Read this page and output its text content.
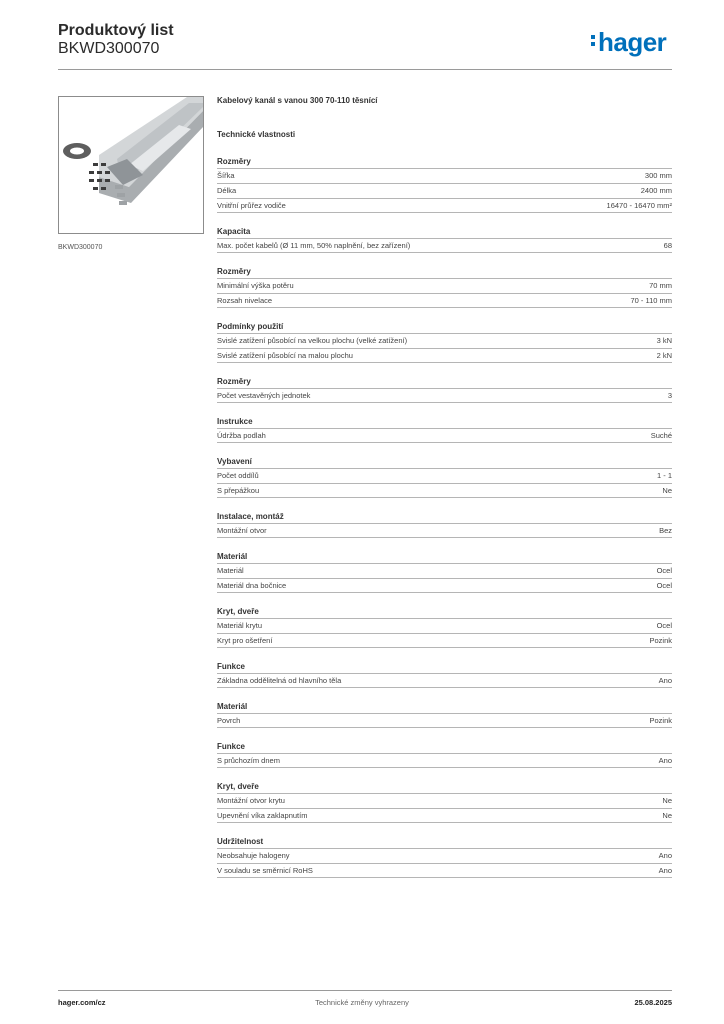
Produktový list
BKWD300070	hager
BKWD300070
Kabelový kanál s vanou 300 70-110 těsnící
Technické vlastnosti
Rozměry
Šířka	300 mm
Délka	2400 mm
Vnitřní průřez vodiče	16470 - 16470 mm²
Kapacita
Max. počet kabelů (Ø 11 mm, 50% naplnění, bez zařízení)	68
Rozměry
Minimální výška potěru	70 mm
Rozsah nivelace	70 - 110 mm
Podmínky použití
Svislé zatížení působící na velkou plochu (velké zatížení)	3 kN
Svislé zatížení působící na malou plochu	2 kN
Rozměry
Počet vestavěných jednotek	3
Instrukce
Údržba podlah	Suché
Vybavení
Počet oddílů	1 - 1
S přepážkou	Ne
Instalace, montáž
Montážní otvor	Bez
Materiál
Materiál	Ocel
Materiál dna bočnice	Ocel
Kryt, dveře
Materiál krytu	Ocel
Kryt pro ošetření	Pozink
Funkce
Základna oddělitelná od hlavního těla	Ano
Materiál
Povrch	Pozink
Funkce
S průchozím dnem	Ano
Kryt, dveře
Montážní otvor krytu	Ne
Upevnění víka zaklapnutím	Ne
Udržitelnost
Neobsahuje halogeny	Ano
V souladu se směrnicí RoHS	Ano
hager.com/cz	Technické změny vyhrazeny	25.08.2025
